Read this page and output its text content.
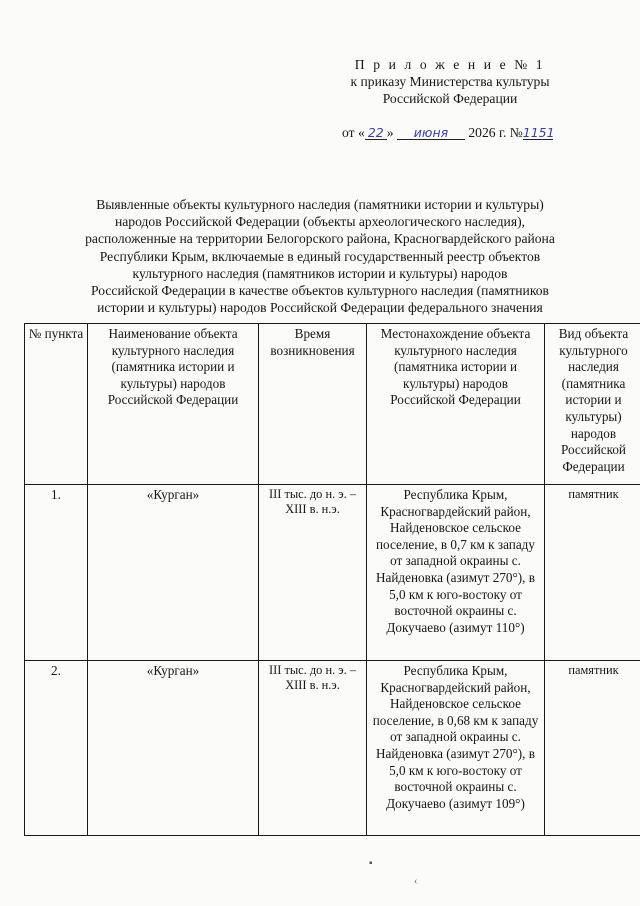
П р и л о ж е н и е № 1
к приказу Министерства культуры
Российской Федерации
от « 22 » июня 2026 г. №1151
Выявленные объекты культурного наследия (памятники истории и культуры)
народов Российской Федерации (объекты археологического наследия),
расположенные на территории Белогорского района, Красногвардейского района
Республики Крым, включаемые в единый государственный реестр объектов
культурного наследия (памятников истории и культуры) народов
Российской Федерации в качестве объектов культурного наследия (памятников
истории и культуры) народов Российской Федерации федерального значения
№ пункта	Наименование объекта культурного наследия (памятника истории и культуры) народов Российской Федерации	Время возникновения	Местонахождение объекта культурного наследия (памятника истории и культуры) народов Российской Федерации	Вид объекта культурного наследия (памятника истории и культуры) народов Российской Федерации
1.	«Курган»	III тыс. до н. э. – XIII в. н.э.	Республика Крым, Красногвардейский район, Найденовское сельское поселение, в 0,7 км к западу от западной окраины с. Найденовка (азимут 270°), в 5,0 км к юго-востоку от восточной окраины с. Докучаево (азимут 110°)	памятник
2.	«Курган»	III тыс. до н. э. – XIII в. н.э.	Республика Крым, Красногвардейский район, Найденовское сельское поселение, в 0,68 км к западу от западной окраины с. Найденовка (азимут 270°), в 5,0 км к юго-востоку от восточной окраины с. Докучаево (азимут 109°)	памятник
▪
‹
